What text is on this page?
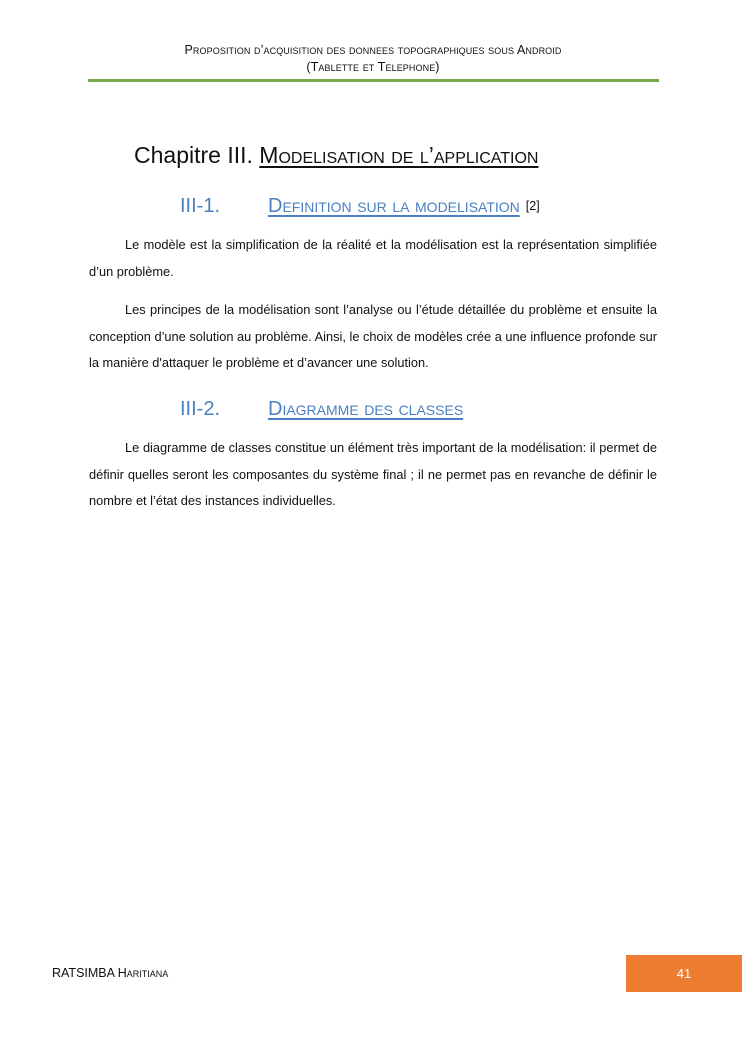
Proposition d’acquisition des donnees topographiques sous Android
(Tablette et Telephone)
Chapitre III. Modelisation de l’application
III-1. Definition sur la modelisation [2]

Le modèle est la simplification de la réalité et la modélisation est la représentation simplifiée d’un problème.

Les principes de la modélisation sont l’analyse ou l’étude détaillée du problème et ensuite la conception d’une solution au problème. Ainsi, le choix de modèles crée a une influence profonde sur la manière d'attaquer le problème et d’avancer une solution.

III-2. Diagramme des classes

Le diagramme de classes constitue un élément très important de la modélisation: il permet de définir quelles seront les composantes du système final ; il ne permet pas en revanche de définir le nombre et l’état des instances individuelles.

RATSIMBA Haritiana	41
